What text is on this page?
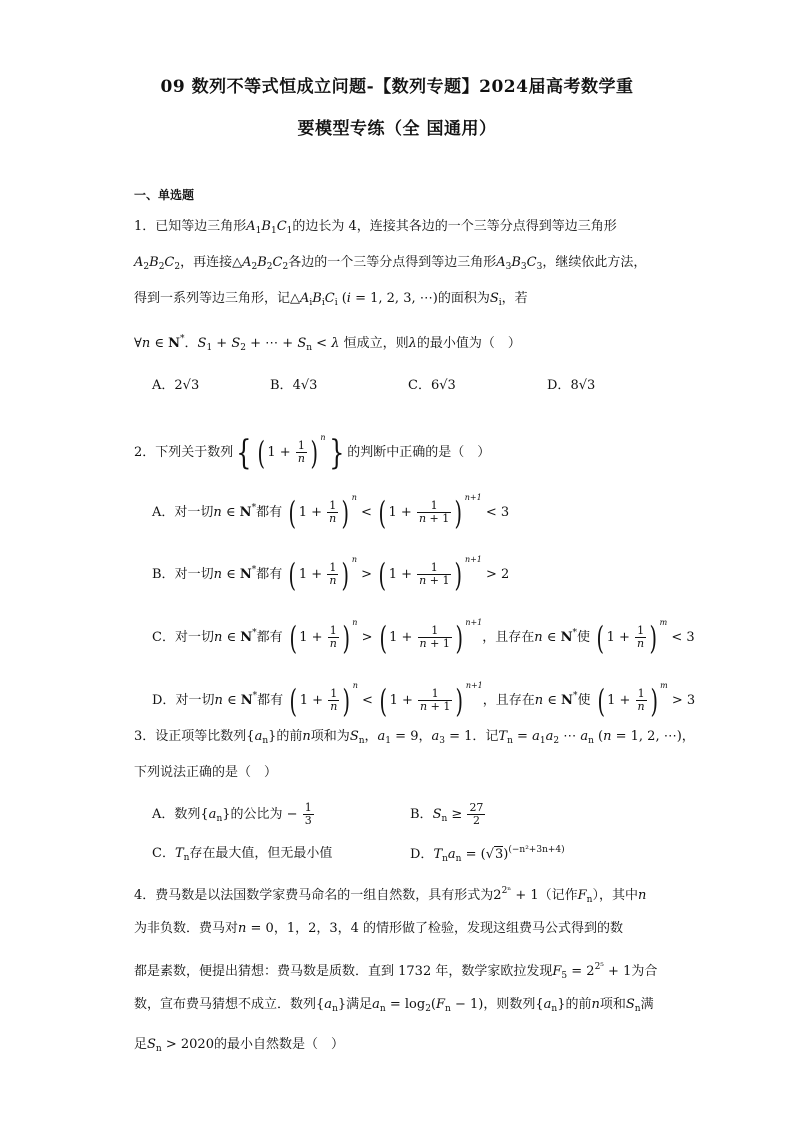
09 数列不等式恒成立问题-【数列专题】2024届高考数学重
要模型专练（全 国通用）
一、单选题
1．已知等边三角形$A_1B_1C_1$的边长为 4，连接其各边的一个三等分点得到等边三角形
$A_2B_2C_2$，再连接$\triangle A_2B_2C_2$各边的一个三等分点得到等边三角形$A_3B_3C_3$，继续依此方法，
得到一系列等边三角形，记$\triangle A_iB_iC_i$ (i = 1, 2, 3, ⋯)的面积为$S_i$，若
∀n ∈ N*．$S_1 + S_2$ + ⋯ + $S_n < \lambda$ 恒成立，则λ的最小值为（　）
A．2√3	B．4√3	C．6√3	D．8√3
2．下列关于数列{ ( $1 + \frac{1}{n}$ ) n} 的判断中正确的是（　）
A．对一切n ∈ N*都有 ( $1 + \frac{1}{n}$ ) n < ( $1 + \frac{1}{n + 1}$ ) n+1 < 3
B．对一切n ∈ N*都有 ( $1 + \frac{1}{n}$ ) n > ( $1 + \frac{1}{n + 1}$ ) n+1 > 2
C．对一切n ∈ N*都有 ( $1 + \frac{1}{n}$ ) n > ( $1 + \frac{1}{n + 1}$ ) n+1，且存在n ∈ N*使 ( $1 + \frac{1}{n}$ ) m < 3
D．对一切n ∈ N*都有 ( $1 + \frac{1}{n}$ ) n < ( $1 + \frac{1}{n + 1}$ ) n+1，且存在n ∈ N*使 ( $1 + \frac{1}{n}$ ) m > 3
3．设正项等比数列$\{a_n\}$的前n项和为$S_n$，$a_1 = 9$，$a_3 = 1$．记$T_n = a_1a_2$ ⋯ $a_n$ (n = 1, 2, ⋯)，
下列说法正确的是（　）
A．数列$\{a_n\}$的公比为 − $\frac{1}{3}$	B．$S_n \ge \frac{27}{2}$
C．$T_n$存在最大值，但无最小值	D．$T_na_n = (√3)^{(-n^2+3n+4)}$
4．费马数是以法国数学家费马命名的一组自然数，具有形式为$2^{2^n} + 1$（记作$F_n$），其中n
为非负数．费马对n = 0，1，2，3，4 的情形做了检验，发现这组费马公式得到的数
都是素数，便提出猜想：费马数是质数．直到 1732 年，数学家欧拉发现$F_5 = 2^{2^5} + 1$为合
数，宣布费马猜想不成立．数列$\{a_n\}$满足$a_n = \log_2(F_n - 1)$，则数列$\{a_n\}$的前n项和$S_n$满
足$S_n > 2020$的最小自然数是（　）
